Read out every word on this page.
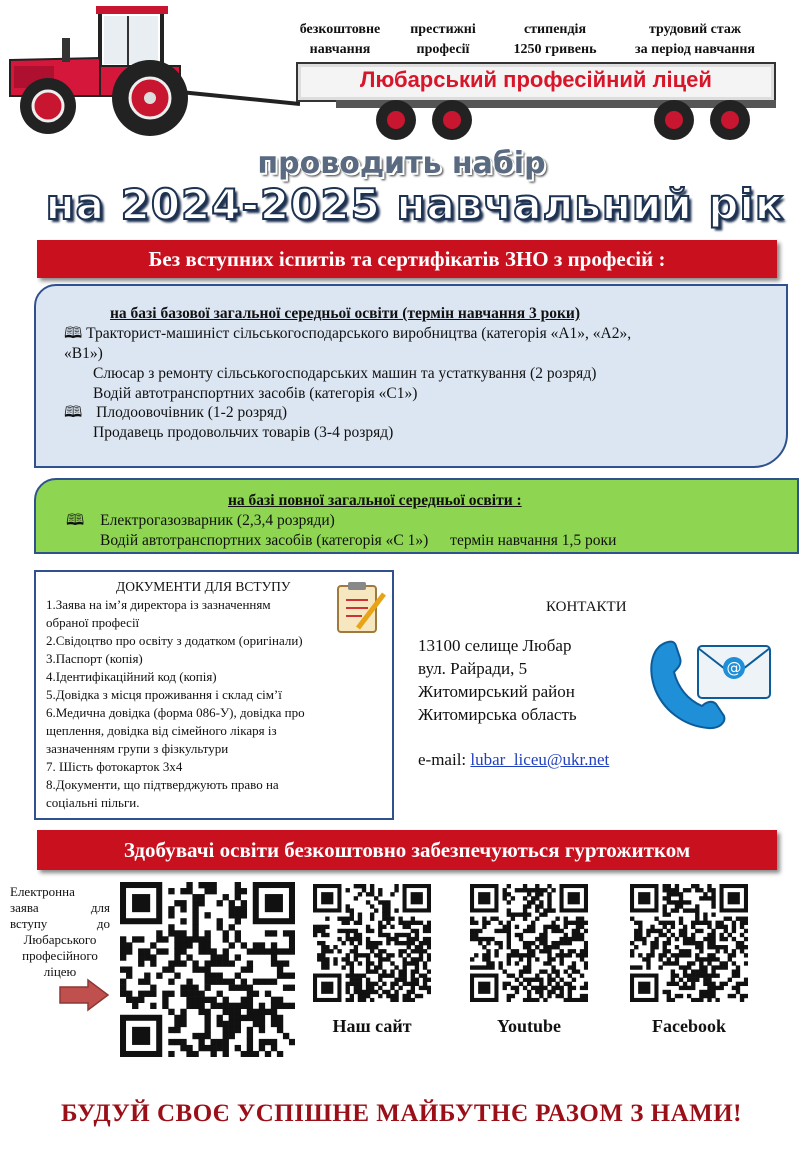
безкоштовне
навчання
престижні
професії
стипендія
1250 гривень
трудовий стаж
за період навчання
Любарський професійний ліцей
проводить набір
на 2024-2025 навчальний рік
Без вступних іспитів та сертифікатів ЗНО з професій :
на базі базової загальної середньої освіти (термін навчання 3 роки)
🕮 Тракторист-машиніст сільськогосподарського виробництва (категорія «А1», «А2»,
«В1»)
Слюсар з ремонту сільськогосподарських машин та устаткування (2 розряд)
Водій автотранспортних засобів (категорія «С1»)
🕮 Плодоовочівник (1-2 розряд)
Продавець продовольчих товарів (3-4 розряд)
на базі повної загальної середньої освіти :
🕮 Електрогазозварник (2,3,4 розряди)
Водій автотранспортних засобів (категорія «С 1») термін навчання 1,5 роки
ДОКУМЕНТИ ДЛЯ ВСТУПУ
1.Заява на ім’я директора із зазначенням
обраної професії
2.Свідоцтво про освіту з додатком (оригінали)
3.Паспорт (копія)
4.Ідентифікаційний код (копія)
5.Довідка з місця проживання і склад сім’ї
6.Медична довідка (форма 086-У), довідка про
щеплення, довідка від сімейного лікаря із
зазначенням групи з фізкультури
7. Шість фотокарток 3х4
8.Документи, що підтверджують право на
соціальні пільги.
КОНТАКТИ
13100 селище Любар
вул. Райради, 5
Житомирський район
Житомирська область
e-mail: lubar_liceu@ukr.net
@
Здобувачі освіти безкоштовно забезпечуються гуртожитком
Електронна
заява для
вступу до
Любарського
професійного
ліцею
Наш сайт	Youtube	Facebook
БУДУЙ СВОЄ УСПІШНЕ МАЙБУТНЄ РАЗОМ З НАМИ!
